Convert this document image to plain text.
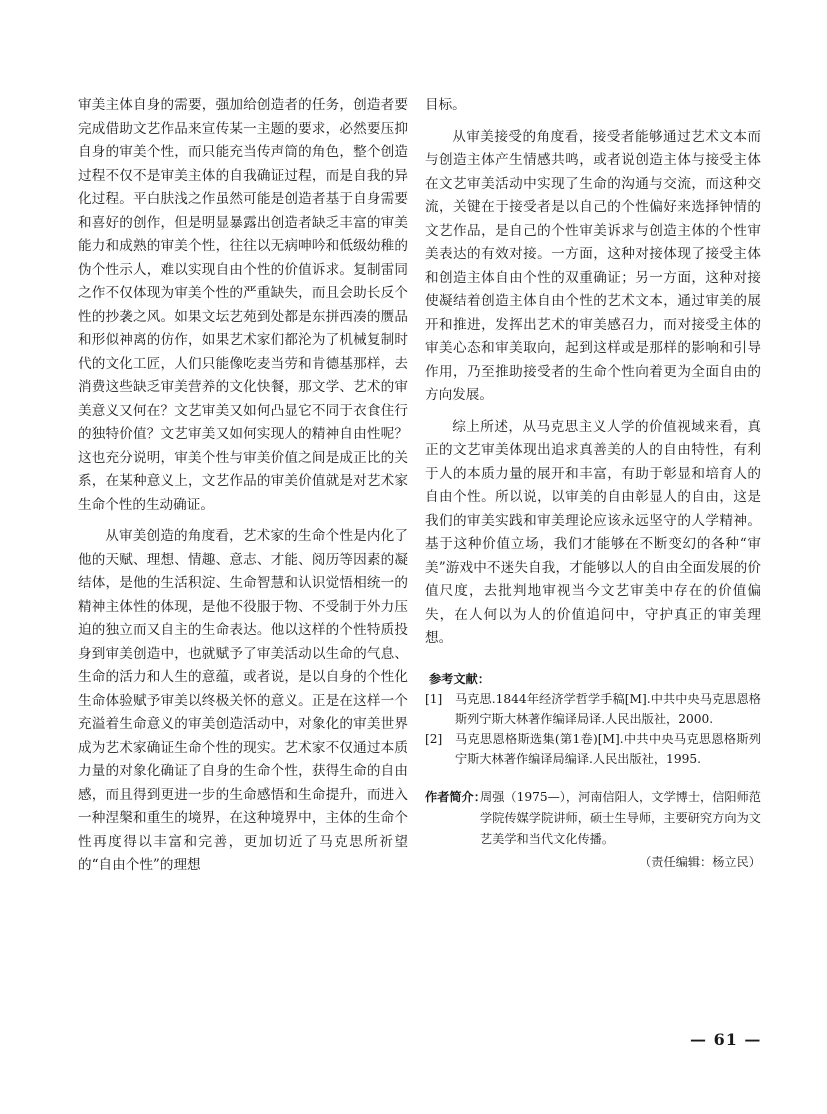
审美主体自身的需要，强加给创造者的任务，创造者要完成借助文艺作品来宣传某一主题的要求，必然要压抑自身的审美个性，而只能充当传声筒的角色，整个创造过程不仅不是审美主体的自我确证过程，而是自我的异化过程。平白肤浅之作虽然可能是创造者基于自身需要和喜好的创作，但是明显暴露出创造者缺乏丰富的审美能力和成熟的审美个性，往往以无病呻吟和低级幼稚的伪个性示人，难以实现自由个性的价值诉求。复制雷同之作不仅体现为审美个性的严重缺失，而且会助长反个性的抄袭之风。如果文坛艺苑到处都是东拼西凑的赝品和形似神离的仿作，如果艺术家们都沦为了机械复制时代的文化工匠，人们只能像吃麦当劳和肯德基那样，去消费这些缺乏审美营养的文化快餐，那文学、艺术的审美意义又何在？文艺审美又如何凸显它不同于衣食住行的独特价值？文艺审美又如何实现人的精神自由性呢？这也充分说明，审美个性与审美价值之间是成正比的关系，在某种意义上，文艺作品的审美价值就是对艺术家生命个性的生动确证。

从审美创造的角度看，艺术家的生命个性是内化了他的天赋、理想、情趣、意志、才能、阅历等因素的凝结体，是他的生活积淀、生命智慧和认识觉悟相统一的精神主体性的体现，是他不役服于物、不受制于外力压迫的独立而又自主的生命表达。他以这样的个性特质投身到审美创造中，也就赋予了审美活动以生命的气息、生命的活力和人生的意蕴，或者说，是以自身的个性化生命体验赋予审美以终极关怀的意义。正是在这样一个充溢着生命意义的审美创造活动中，对象化的审美世界成为艺术家确证生命个性的现实。艺术家不仅通过本质力量的对象化确证了自身的生命个性，获得生命的自由感，而且得到更进一步的生命感悟和生命提升，而进入一种涅槃和重生的境界，在这种境界中，主体的生命个性再度得以丰富和完善，更加切近了马克思所祈望的“自由个性”的理想

目标。

从审美接受的角度看，接受者能够通过艺术文本而与创造主体产生情感共鸣，或者说创造主体与接受主体在文艺审美活动中实现了生命的沟通与交流，而这种交流，关键在于接受者是以自己的个性偏好来选择钟情的文艺作品，是自己的个性审美诉求与创造主体的个性审美表达的有效对接。一方面，这种对接体现了接受主体和创造主体自由个性的双重确证；另一方面，这种对接使凝结着创造主体自由个性的艺术文本，通过审美的展开和推进，发挥出艺术的审美感召力，而对接受主体的审美心态和审美取向，起到这样或是那样的影响和引导作用，乃至推助接受者的生命个性向着更为全面自由的方向发展。

综上所述，从马克思主义人学的价值视域来看，真正的文艺审美体现出追求真善美的人的自由特性，有利于人的本质力量的展开和丰富，有助于彰显和培育人的自由个性。所以说，以审美的自由彰显人的自由，这是我们的审美实践和审美理论应该永远坚守的人学精神。基于这种价值立场，我们才能够在不断变幻的各种“审美”游戏中不迷失自我，才能够以人的自由全面发展的价值尺度，去批判地审视当今文艺审美中存在的价值偏失，在人何以为人的价值追问中，守护真正的审美理想。

参考文献：
[1] 马克思.1844年经济学哲学手稿[M].中共中央马克思恩格斯列宁斯大林著作编译局译.人民出版社，2000.
[2] 马克思恩格斯选集(第1卷)[M].中共中央马克思恩格斯列宁斯大林著作编译局编译.人民出版社，1995.
作者简介：
周强（1975—），河南信阳人，文学博士，信阳师范学院传媒学院讲师，硕士生导师，主要研究方向为文艺美学和当代文化传播。
（责任编辑：杨立民）
— 61 —
